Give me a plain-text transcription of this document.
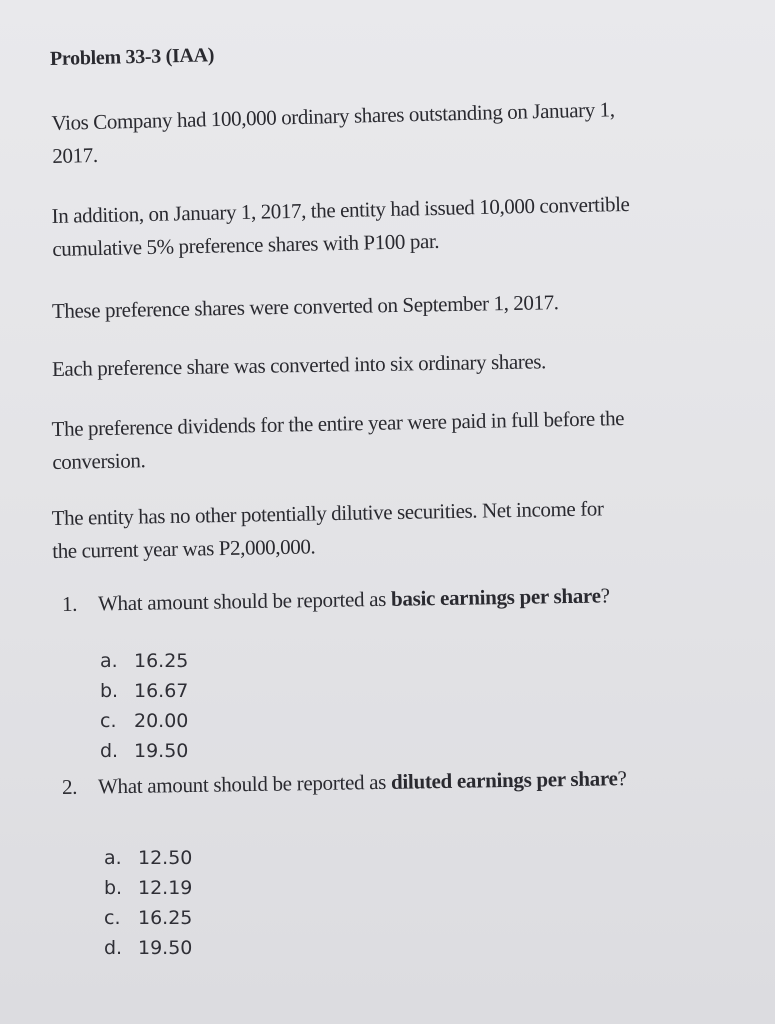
Problem 33-3 (IAA)
Vios Company had 100,000 ordinary shares outstanding on January 1,
2017.
In addition, on January 1, 2017, the entity had issued 10,000 convertible
cumulative 5% preference shares with P100 par.
These preference shares were converted on September 1, 2017.
Each preference share was converted into six ordinary shares.
The preference dividends for the entire year were paid in full before the
conversion.
The entity has no other potentially dilutive securities. Net income for
the current year was P2,000,000.
1. What amount should be reported as basic earnings per share?
a. 16.25
b. 16.67
c. 20.00
d. 19.50
2. What amount should be reported as diluted earnings per share?
a. 12.50
b. 12.19
c. 16.25
d. 19.50
